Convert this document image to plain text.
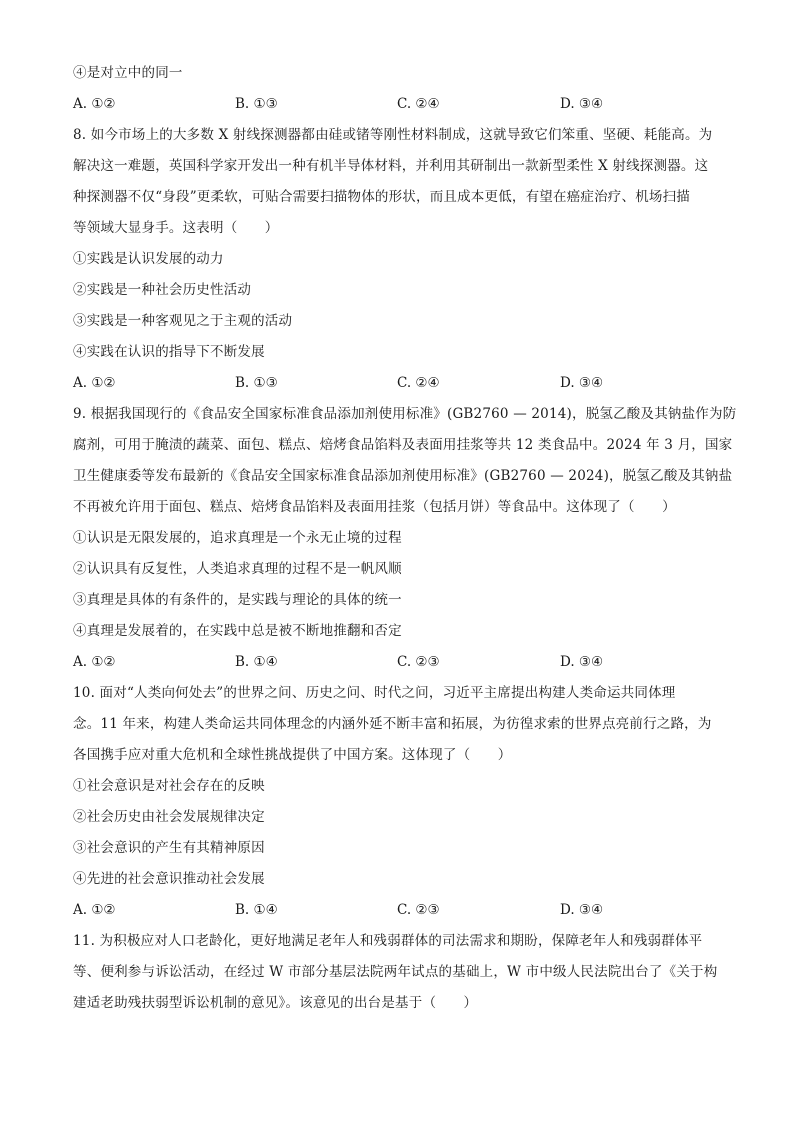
④是对立中的同一
A. ①②	B. ①③	C. ②④	D. ③④
8. 如今市场上的大多数 X 射线探测器都由硅或锗等刚性材料制成，这就导致它们笨重、坚硬、耗能高。为
解决这一难题，英国科学家开发出一种有机半导体材料，并利用其研制出一款新型柔性 X 射线探测器。这
种探测器不仅“身段”更柔软，可贴合需要扫描物体的形状，而且成本更低，有望在癌症治疗、机场扫描
等领域大显身手。这表明（　　）
①实践是认识发展的动力
②实践是一种社会历史性活动
③实践是一种客观见之于主观的活动
④实践在认识的指导下不断发展
A. ①②	B. ①③	C. ②④	D. ③④
9. 根据我国现行的《食品安全国家标准食品添加剂使用标准》(GB2760 — 2014)，脱氢乙酸及其钠盐作为防
腐剂，可用于腌渍的蔬菜、面包、糕点、焙烤食品馅料及表面用挂浆等共 12 类食品中。2024 年 3 月，国家
卫生健康委等发布最新的《食品安全国家标准食品添加剂使用标准》(GB2760 — 2024)，脱氢乙酸及其钠盐
不再被允许用于面包、糕点、焙烤食品馅料及表面用挂浆（包括月饼）等食品中。这体现了（　　）
①认识是无限发展的，追求真理是一个永无止境的过程
②认识具有反复性，人类追求真理的过程不是一帆风顺
③真理是具体的有条件的，是实践与理论的具体的统一
④真理是发展着的，在实践中总是被不断地推翻和否定
A. ①②	B. ①④	C. ②③	D. ③④
10. 面对“人类向何处去”的世界之问、历史之问、时代之问，习近平主席提出构建人类命运共同体理
念。11 年来，构建人类命运共同体理念的内涵外延不断丰富和拓展，为彷徨求索的世界点亮前行之路，为
各国携手应对重大危机和全球性挑战提供了中国方案。这体现了（　　）
①社会意识是对社会存在的反映
②社会历史由社会发展规律决定
③社会意识的产生有其精神原因
④先进的社会意识推动社会发展
A. ①②	B. ①④	C. ②③	D. ③④
11. 为积极应对人口老龄化，更好地满足老年人和残弱群体的司法需求和期盼，保障老年人和残弱群体平
等、便利参与诉讼活动，在经过 W 市部分基层法院两年试点的基础上，W 市中级人民法院出台了《关于构
建适老助残扶弱型诉讼机制的意见》。该意见的出台是基于（　　）
